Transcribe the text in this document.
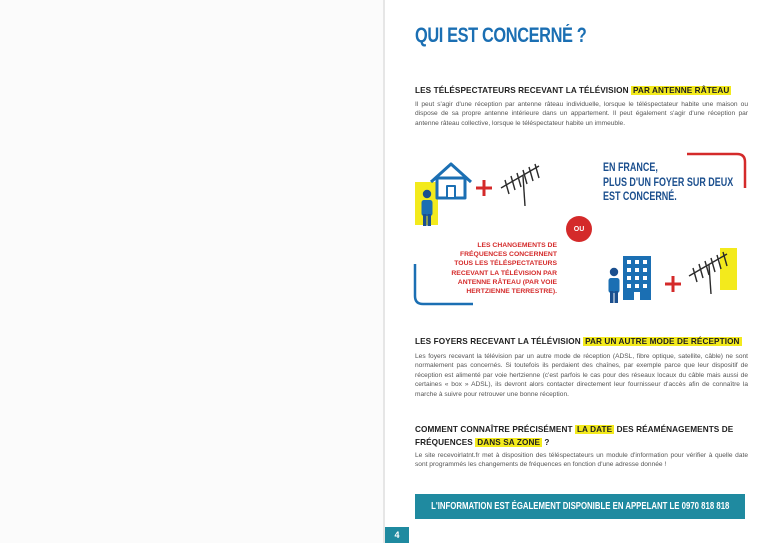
QUI EST CONCERNÉ ?
LES TÉLÉSPECTATEURS RECEVANT LA TÉLÉVISION PAR ANTENNE RÂTEAU
Il peut s'agir d'une réception par antenne râteau individuelle, lorsque le téléspectateur habite une maison ou dispose de sa propre antenne intérieure dans un appartement. Il peut également s'agir d'une réception par antenne râteau collective, lorsque le téléspectateur habite un immeuble.
EN FRANCE,
PLUS D'UN FOYER SUR DEUX
EST CONCERNÉ.
OU
LES CHANGEMENTS DE
FRÉQUENCES CONCERNENT
TOUS LES TÉLÉSPECTATEURS
RECEVANT LA TÉLÉVISION PAR
ANTENNE RÂTEAU (PAR VOIE
HERTZIENNE TERRESTRE).
LES FOYERS RECEVANT LA TÉLÉVISION PAR UN AUTRE MODE DE RÉCEPTION
Les foyers recevant la télévision par un autre mode de réception (ADSL, fibre optique, satellite, câble) ne sont normalement pas concernés. Si toutefois ils perdaient des chaînes, par exemple parce que leur dispositif de réception est alimenté par voie hertzienne (c'est parfois le cas pour des réseaux locaux du câble mais aussi de certaines « box » ADSL), ils devront alors contacter directement leur fournisseur d'accès afin de connaître la marche à suivre pour retrouver une bonne réception.
COMMENT CONNAÎTRE PRÉCISÉMENT LA DATE DES RÉAMÉNAGEMENTS DE
FRÉQUENCES DANS SA ZONE ?
Le site recevoirlatnt.fr met à disposition des téléspectateurs un module d'information pour vérifier à quelle date sont programmés les changements de fréquences en fonction d'une adresse donnée !
L'INFORMATION EST ÉGALEMENT DISPONIBLE EN APPELANT LE 0970 818 818
4
